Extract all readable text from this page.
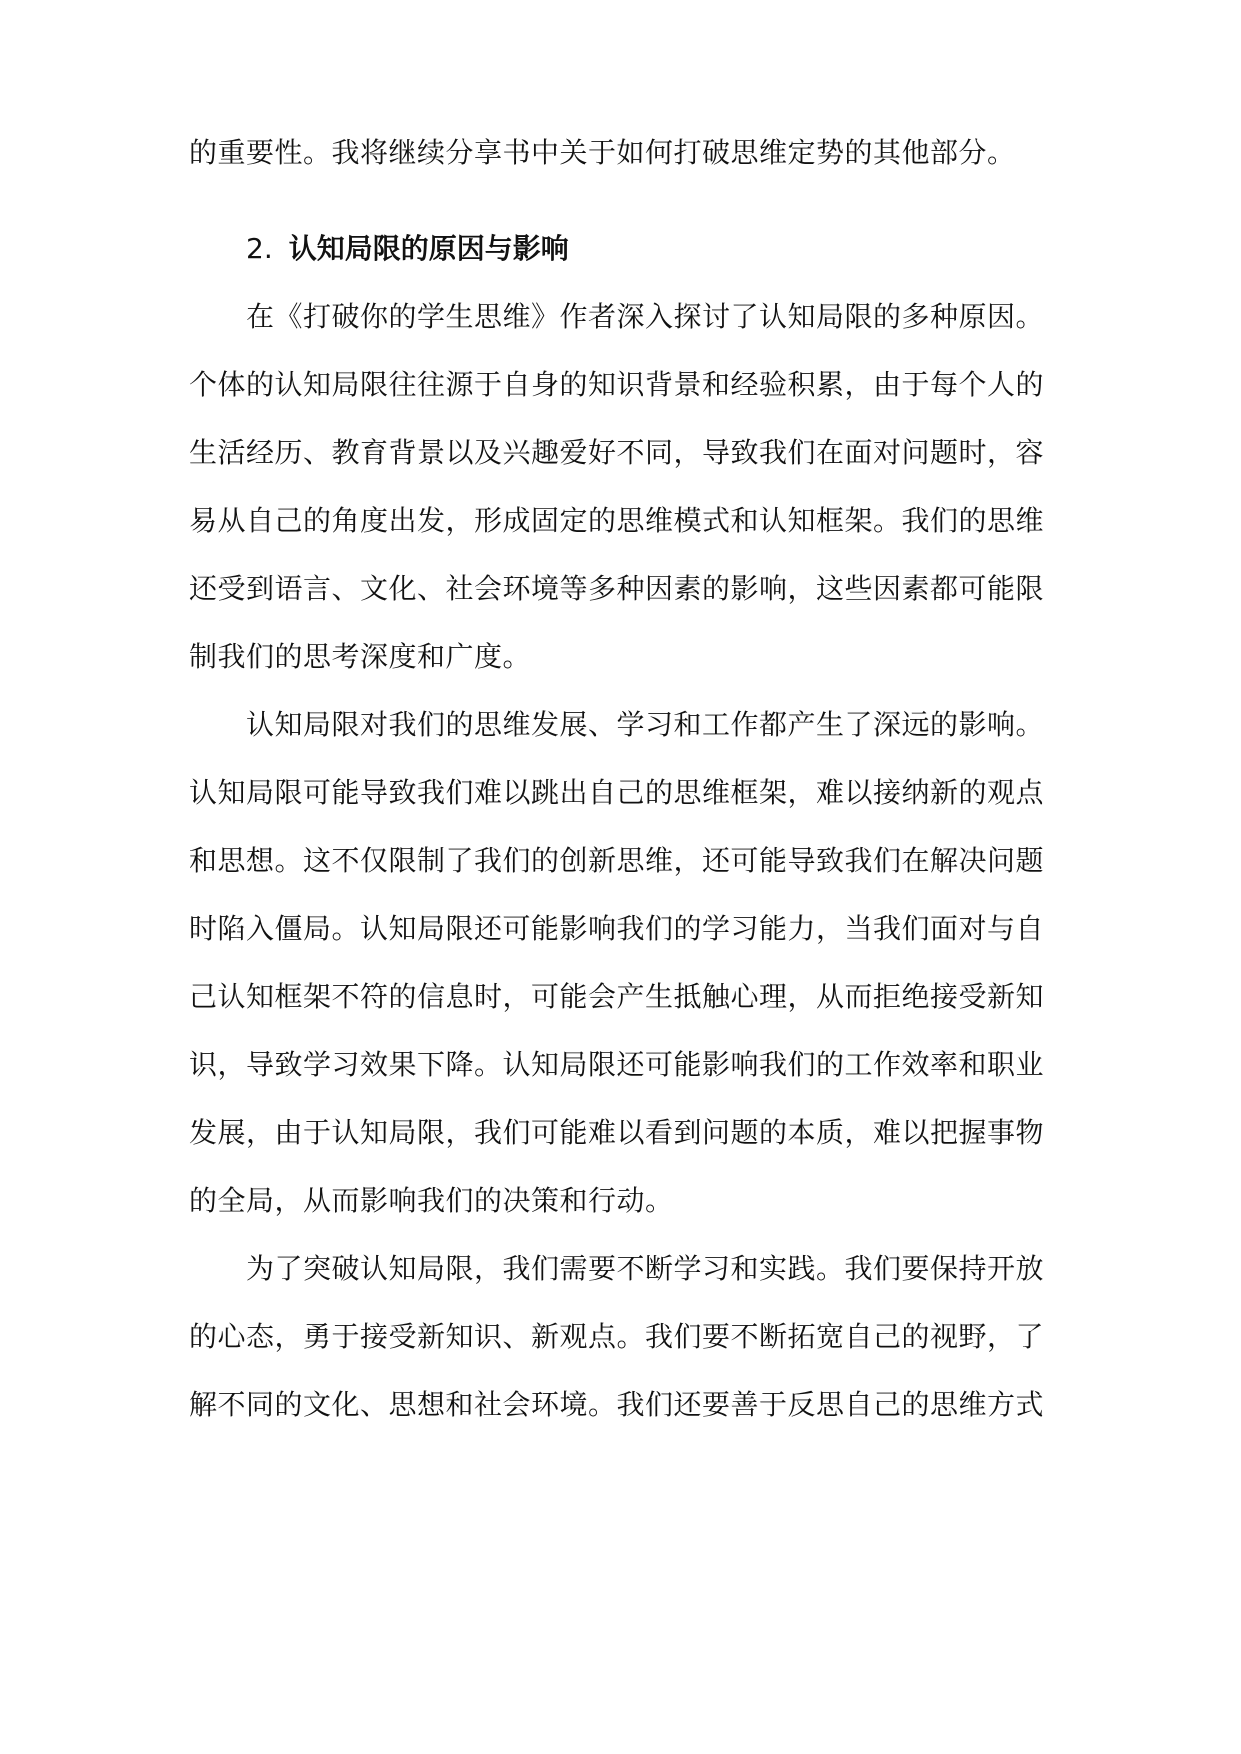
的重要性。我将继续分享书中关于如何打破思维定势的其他部分。
2. 认知局限的原因与影响
在《打破你的学生思维》作者深入探讨了认知局限的多种原因。
个体的认知局限往往源于自身的知识背景和经验积累，由于每个人的
生活经历、教育背景以及兴趣爱好不同，导致我们在面对问题时，容
易从自己的角度出发，形成固定的思维模式和认知框架。我们的思维
还受到语言、文化、社会环境等多种因素的影响，这些因素都可能限
制我们的思考深度和广度。
认知局限对我们的思维发展、学习和工作都产生了深远的影响。
认知局限可能导致我们难以跳出自己的思维框架，难以接纳新的观点
和思想。这不仅限制了我们的创新思维，还可能导致我们在解决问题
时陷入僵局。认知局限还可能影响我们的学习能力，当我们面对与自
己认知框架不符的信息时，可能会产生抵触心理，从而拒绝接受新知
识，导致学习效果下降。认知局限还可能影响我们的工作效率和职业
发展，由于认知局限，我们可能难以看到问题的本质，难以把握事物
的全局，从而影响我们的决策和行动。
为了突破认知局限，我们需要不断学习和实践。我们要保持开放
的心态，勇于接受新知识、新观点。我们要不断拓宽自己的视野，了
解不同的文化、思想和社会环境。我们还要善于反思自己的思维方式
